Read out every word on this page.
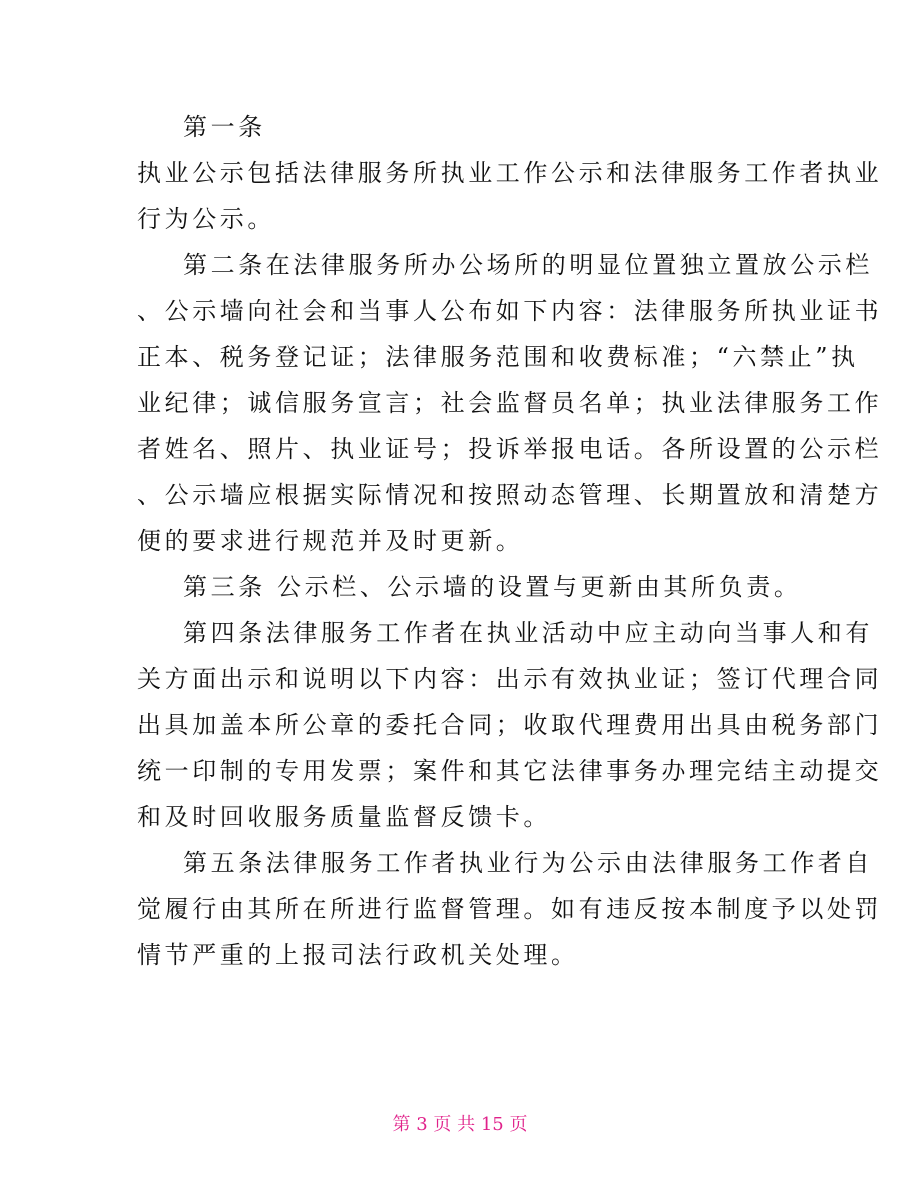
第一条
执业公示包括法律服务所执业工作公示和法律服务工作者执业
行为公示。
第二条在法律服务所办公场所的明显位置独立置放公示栏
、公示墙向社会和当事人公布如下内容：法律服务所执业证书
正本、税务登记证；法律服务范围和收费标准；“六禁止”执
业纪律；诚信服务宣言；社会监督员名单；执业法律服务工作
者姓名、照片、执业证号；投诉举报电话。各所设置的公示栏
、公示墙应根据实际情况和按照动态管理、长期置放和清楚方
便的要求进行规范并及时更新。
第三条 公示栏、公示墙的设置与更新由其所负责。
第四条法律服务工作者在执业活动中应主动向当事人和有
关方面出示和说明以下内容：出示有效执业证；签订代理合同
出具加盖本所公章的委托合同；收取代理费用出具由税务部门
统一印制的专用发票；案件和其它法律事务办理完结主动提交
和及时回收服务质量监督反馈卡。
第五条法律服务工作者执业行为公示由法律服务工作者自
觉履行由其所在所进行监督管理。如有违反按本制度予以处罚
情节严重的上报司法行政机关处理。
第 3 页 共 15 页
